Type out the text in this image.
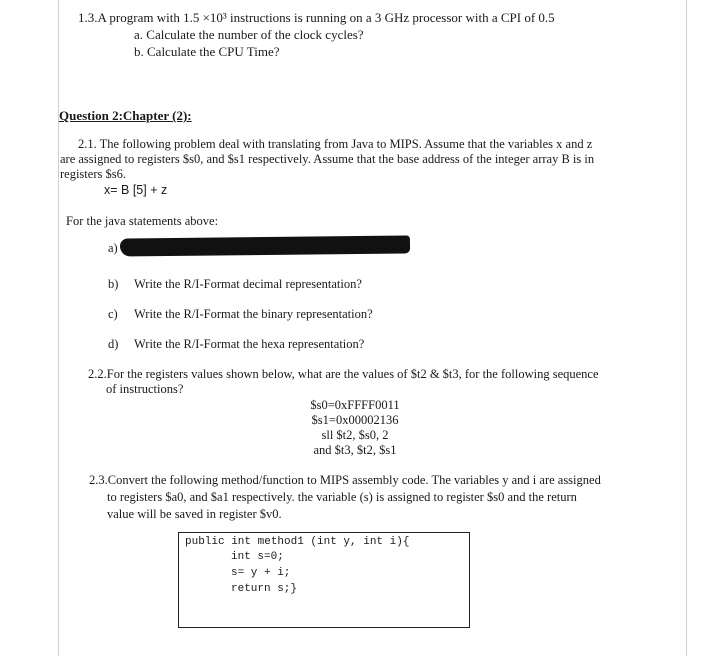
1.3.A program with 1.5 ×10³ instructions is running on a 3 GHz processor with a CPI of 0.5
a. Calculate the number of the clock cycles?
b. Calculate the CPU Time?
Question 2:Chapter (2):
2.1. The following problem deal with translating from Java to MIPS. Assume that the variables x and z
are assigned to registers $s0, and $s1 respectively. Assume that the base address of the integer array B is in
registers $s6.
x= B [5] + z
For the java statements above:
a)
b) Write the R/I-Format decimal representation?
c) Write the R/I-Format the binary representation?
d) Write the R/I-Format the hexa representation?
2.2.For the registers values shown below, what are the values of $t2 & $t3, for the following sequence
of instructions?
$s0=0xFFFF0011
$s1=0x00002136
sll $t2, $s0, 2
and $t3, $t2, $s1
2.3.Convert the following method/function to MIPS assembly code. The variables y and i are assigned
to registers $a0, and $a1 respectively. the variable (s) is assigned to register $s0 and the return
value will be saved in register $v0.
public int method1 (int y, int i){
int s=0;
s= y + i;
return s;}
